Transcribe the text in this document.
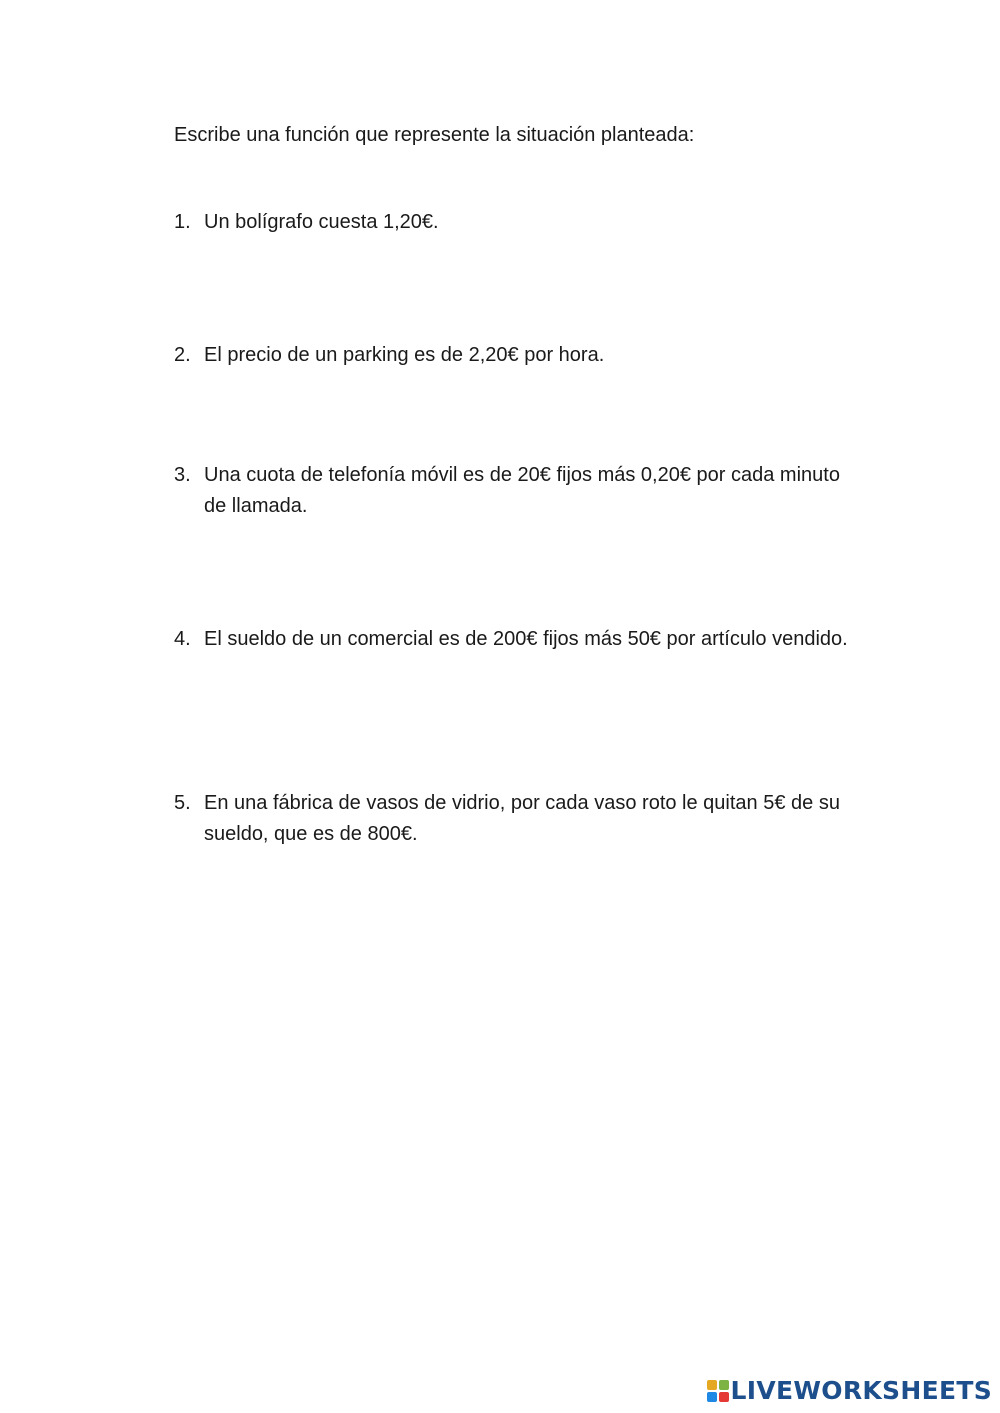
Escribe una función que represente la situación planteada:

1. Un bolígrafo cuesta 1,20€.
2. El precio de un parking es de 2,20€ por hora.
3. Una cuota de telefonía móvil es de 20€ fijos más 0,20€ por cada minuto de llamada.
4. El sueldo de un comercial es de 200€ fijos más 50€ por artículo vendido.
5. En una fábrica de vasos de vidrio, por cada vaso roto le quitan 5€ de su sueldo, que es de 800€.
LIVEWORKSHEETS
